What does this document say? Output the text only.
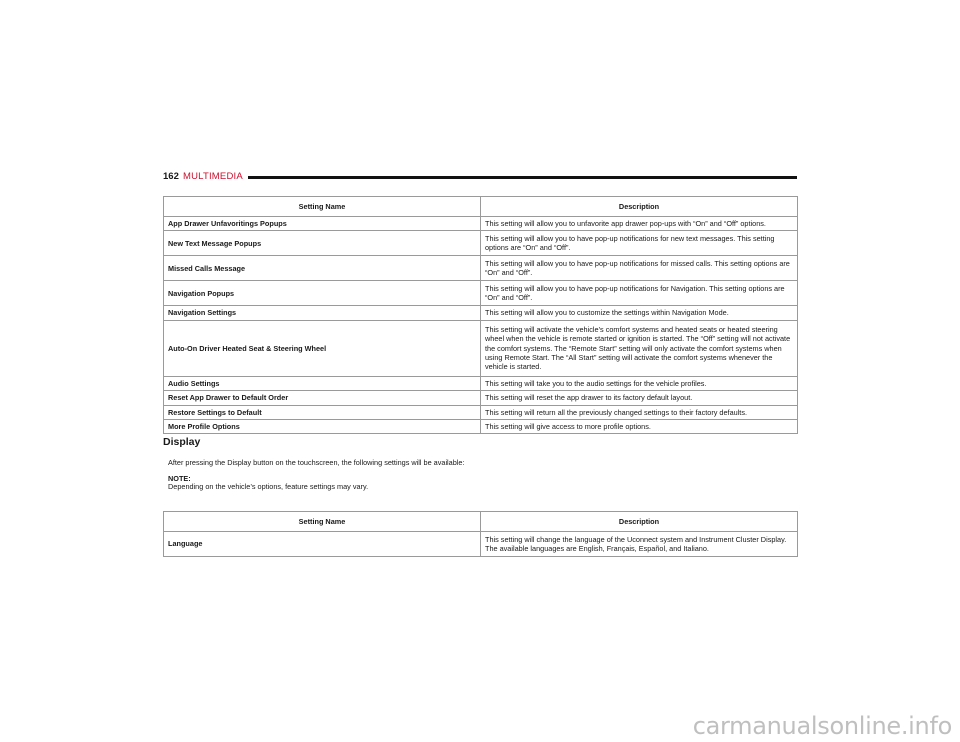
162 MULTIMEDIA
Setting Name	Description
App Drawer Unfavoritings Popups	This setting will allow you to unfavorite app drawer pop-ups with “On” and “Off” options.
New Text Message Popups	This setting will allow you to have pop-up notifications for new text messages. This setting options are “On” and “Off”.
Missed Calls Message	This setting will allow you to have pop-up notifications for missed calls. This setting options are “On” and “Off”.
Navigation Popups	This setting will allow you to have pop-up notifications for Navigation. This setting options are “On” and “Off”.
Navigation Settings	This setting will allow you to customize the settings within Navigation Mode.
Auto-On Driver Heated Seat & Steering Wheel	This setting will activate the vehicle’s comfort systems and heated seats or heated steering wheel when the vehicle is remote started or ignition is started. The “Off” setting will not activate the comfort systems. The “Remote Start” setting will only activate the comfort systems when using Remote Start. The “All Start” setting will activate the comfort systems whenever the vehicle is started.
Audio Settings	This setting will take you to the audio settings for the vehicle profiles.
Reset App Drawer to Default Order	This setting will reset the app drawer to its factory default layout.
Restore Settings to Default	This setting will return all the previously changed settings to their factory defaults.
More Profile Options	This setting will give access to more profile options.
Display
After pressing the Display button on the touchscreen, the following settings will be available:
NOTE:
Depending on the vehicle’s options, feature settings may vary.
Setting Name	Description
Language	This setting will change the language of the Uconnect system and Instrument Cluster Display. The available languages are English, Français, Español, and Italiano.
carmanualsonline.info
